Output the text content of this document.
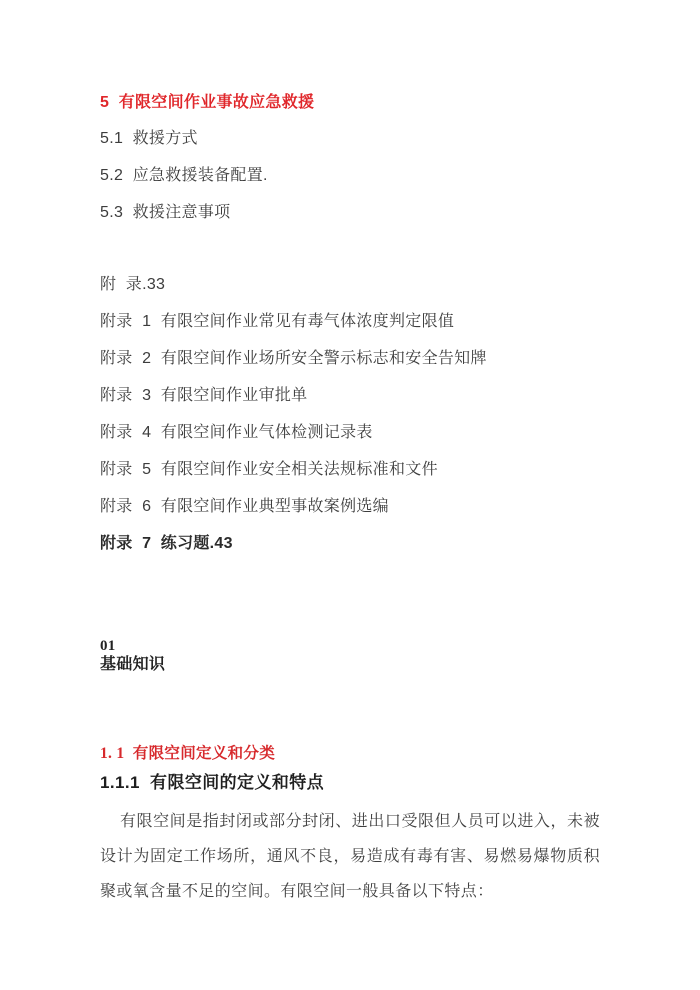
5  有限空间作业事故应急救援
5.1  救援方式
5.2  应急救援装备配置.
5.3  救援注意事项
附  录.33
附录  1  有限空间作业常见有毒气体浓度判定限值
附录  2  有限空间作业场所安全警示标志和安全告知牌
附录  3  有限空间作业审批单
附录  4  有限空间作业气体检测记录表
附录  5  有限空间作业安全相关法规标准和文件
附录  6  有限空间作业典型事故案例选编
附录  7  练习题.43
01
基础知识
1. 1  有限空间定义和分类
1.1.1  有限空间的定义和特点
有限空间是指封闭或部分封闭、进出口受限但人员可以进入，未被设计为固定工作场所，通风不良，易造成有毒有害、易燃易爆物质积聚或氧含量不足的空间。有限空间一般具备以下特点：
